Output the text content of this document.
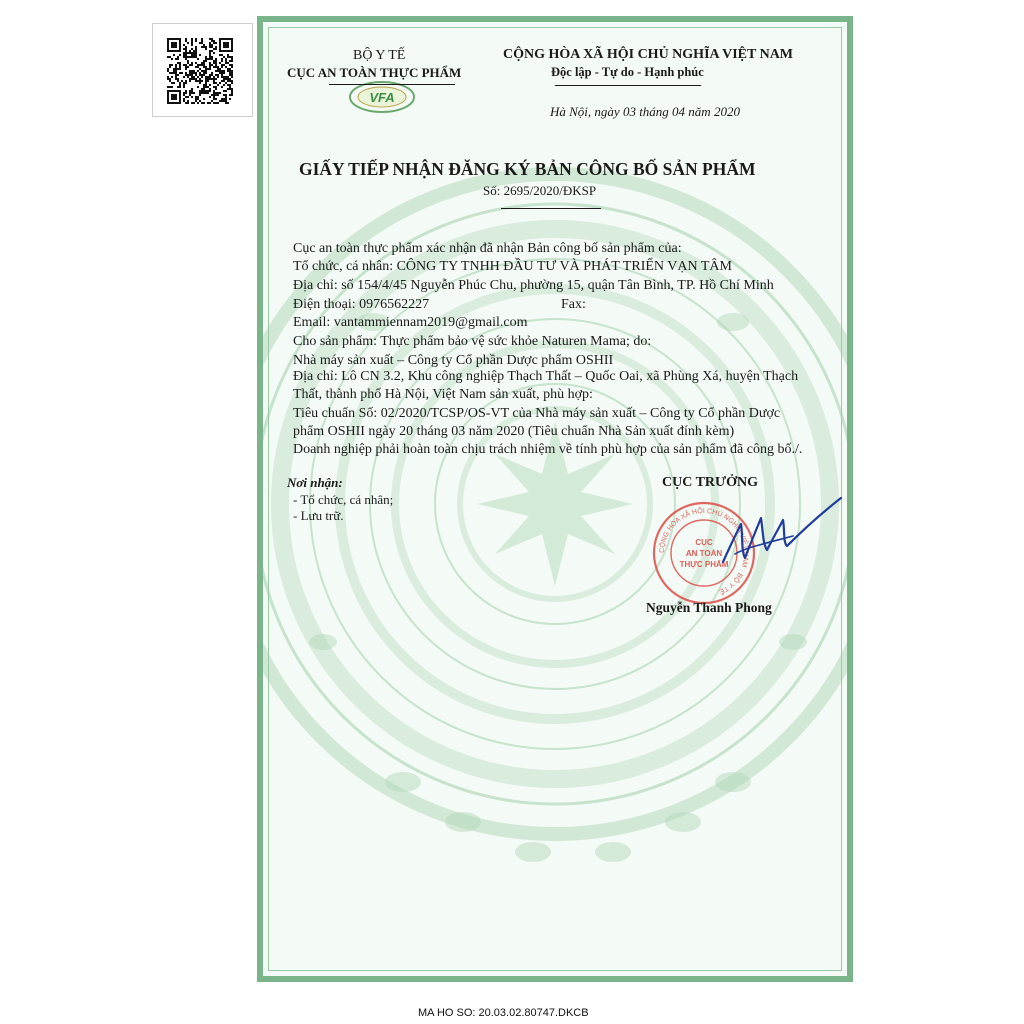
BỘ Y TẾ
CỤC AN TOÀN THỰC PHẨM
VFA
CỘNG HÒA XÃ HỘI CHỦ NGHĨA VIỆT NAM
Độc lập - Tự do - Hạnh phúc
Hà Nội, ngày 03 tháng 04 năm 2020
GIẤY TIẾP NHẬN ĐĂNG KÝ BẢN CÔNG BỐ SẢN PHẨM
Số: 2695/2020/ĐKSP
Cục an toàn thực phẩm xác nhận đã nhận Bản công bố sản phẩm của:
Tổ chức, cá nhân: CÔNG TY TNHH ĐẦU TƯ VÀ PHÁT TRIỂN VẠN TÂM
Địa chỉ: số 154/4/45 Nguyễn Phúc Chu, phường 15, quận Tân Bình, TP. Hồ Chí Minh
Điện thoại: 0976562227
Email: vantammiennam2019@gmail.com
Cho sản phẩm: Thực phẩm bảo vệ sức khỏe Naturen Mama; do:
Nhà máy sản xuất – Công ty Cổ phần Dược phẩm OSHII
Địa chỉ: Lô CN 3.2, Khu công nghiệp Thạch Thất – Quốc Oai, xã Phùng Xá, huyện Thạch
Thất, thành phố Hà Nội, Việt Nam sản xuất, phù hợp:
Tiêu chuẩn Số: 02/2020/TCSP/OS-VT của Nhà máy sản xuất – Công ty Cổ phần Dược
phẩm OSHII ngày 20 tháng 03 năm 2020 (Tiêu chuẩn Nhà Sản xuất đính kèm)
Doanh nghiệp phải hoàn toàn chịu trách nhiệm về tính phù hợp của sản phẩm đã công bố./.
Fax:
Nơi nhận:
- Tổ chức, cá nhân;
- Lưu trữ.
CỤC TRƯỞNG
CỘNG HÒA XÃ HỘI CHỦ NGHĨA VIỆT NAM · BỘ Y TẾ
CỤC
AN TOÀN
THỰC PHẨM
Nguyễn Thanh Phong
MA HO SO: 20.03.02.80747.DKCB
